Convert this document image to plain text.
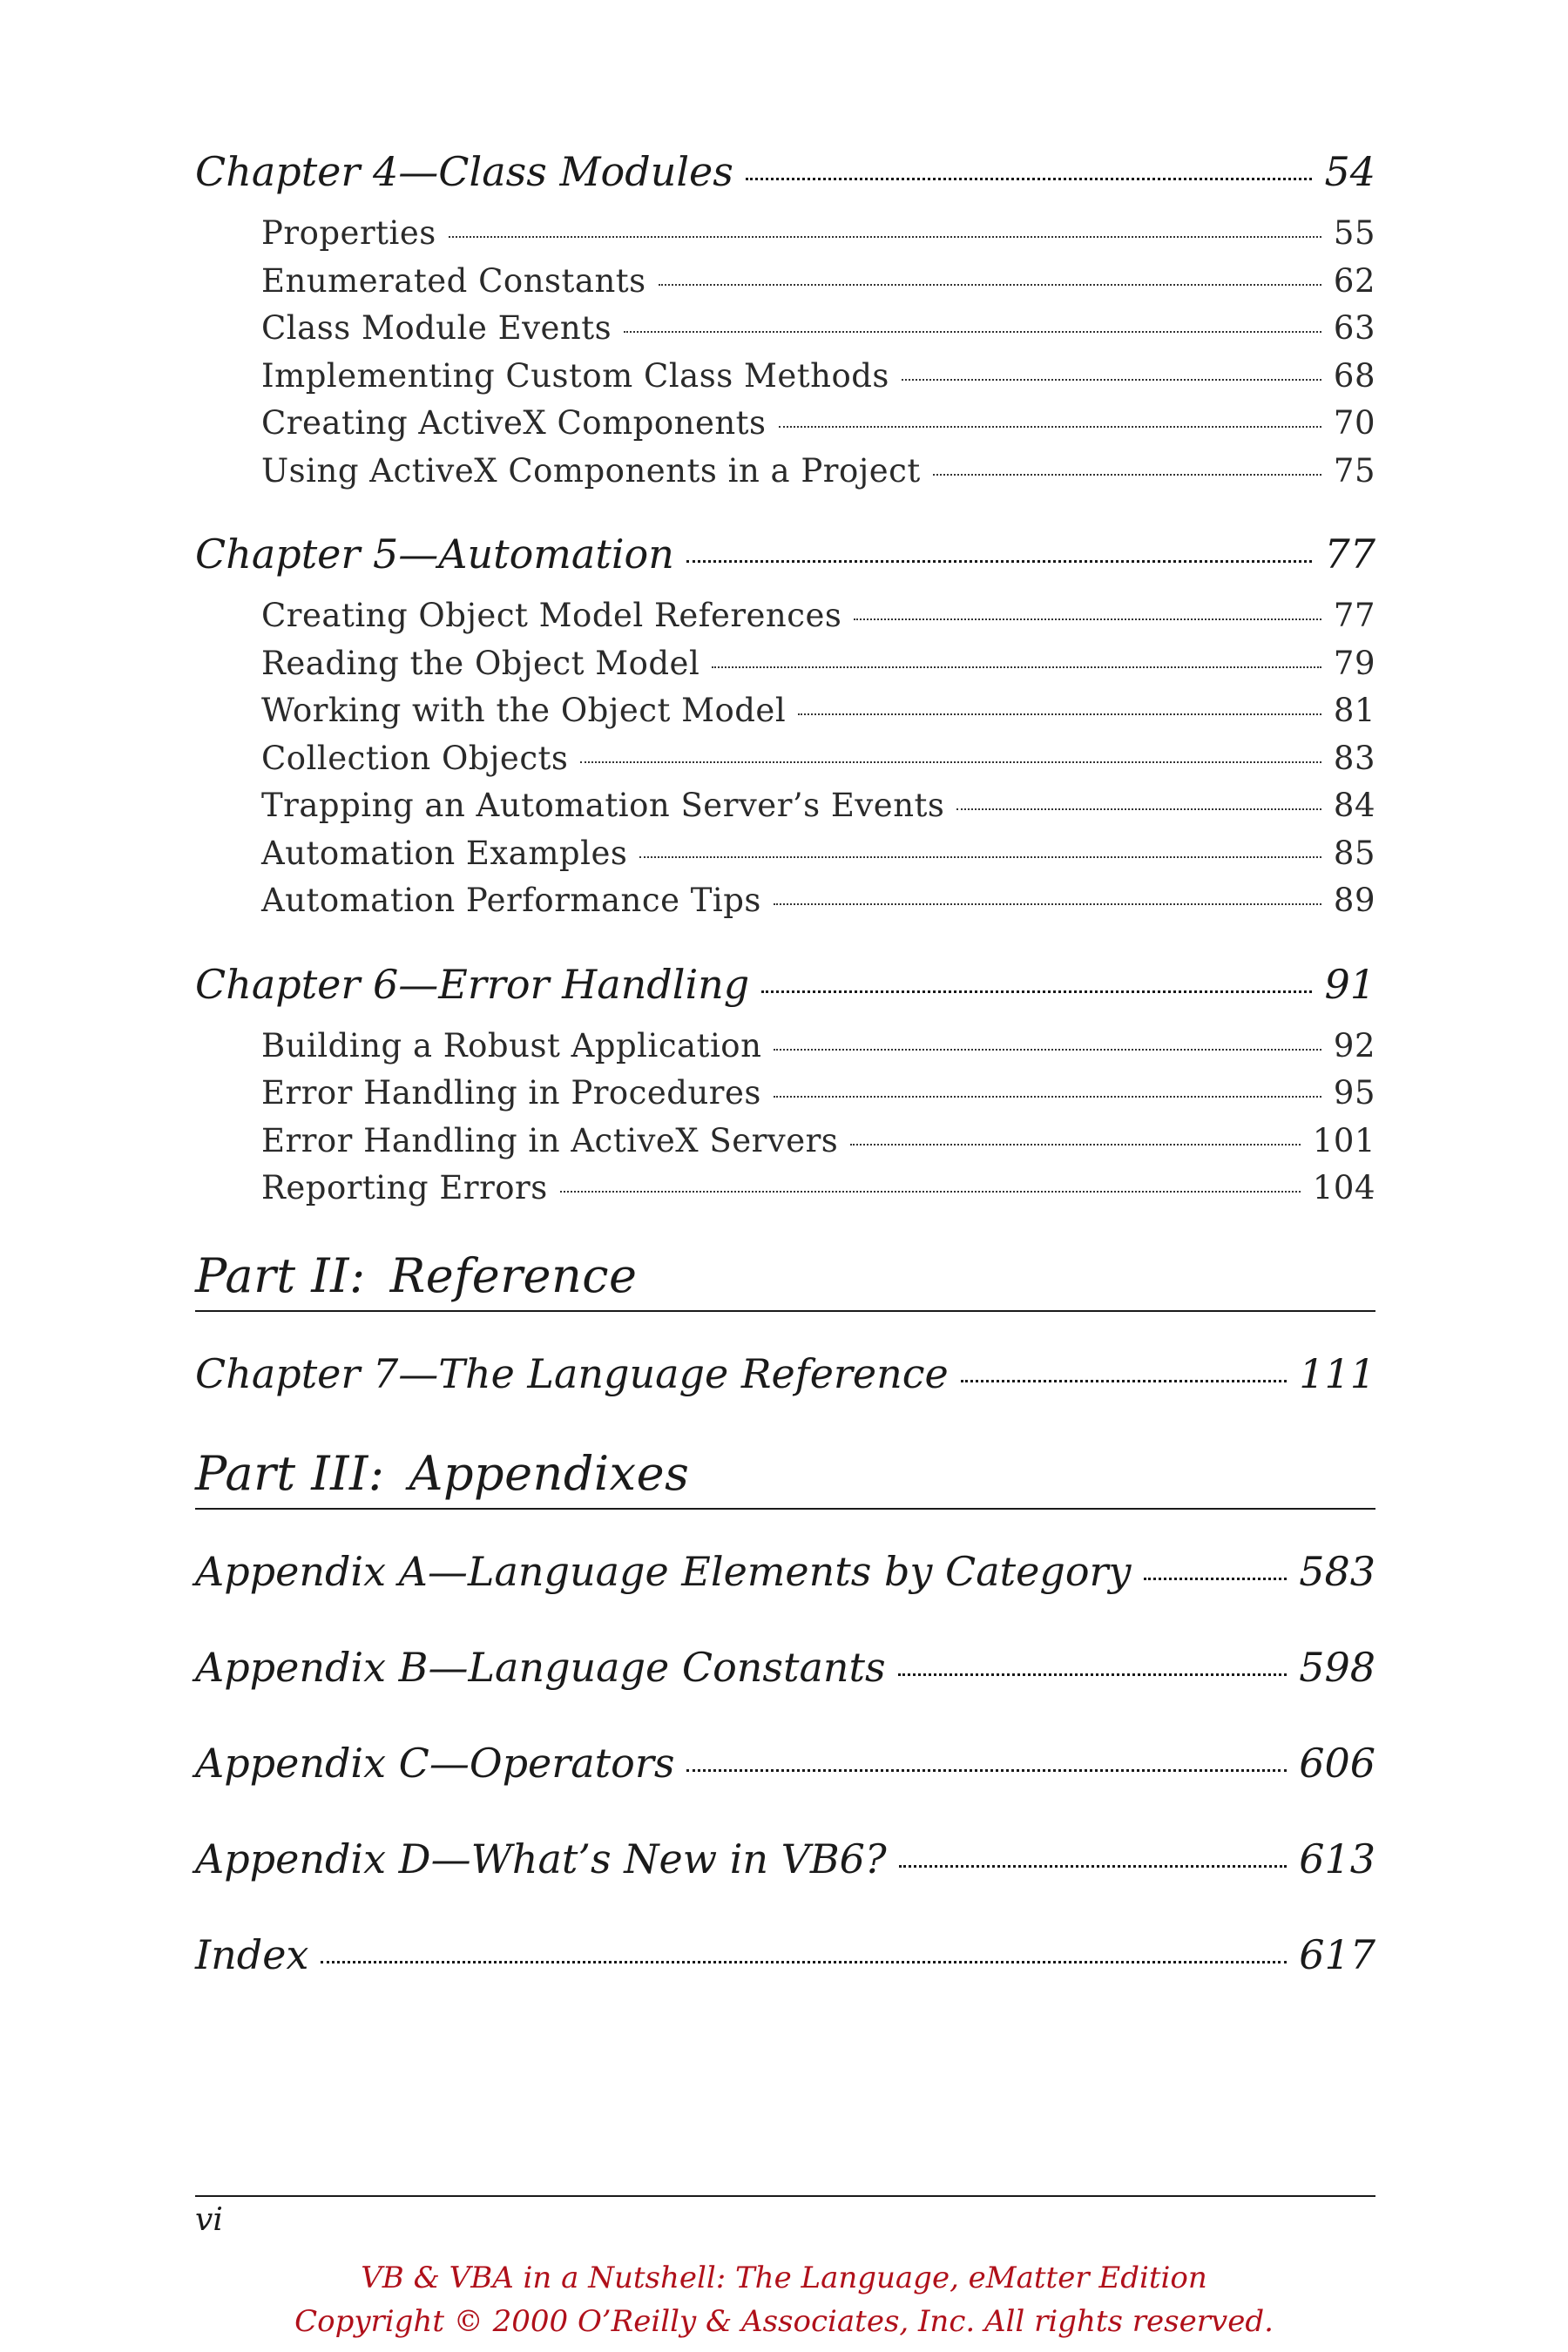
Chapter 4—Class Modules	54
Properties	55
Enumerated Constants	62
Class Module Events	63
Implementing Custom Class Methods	68
Creating ActiveX Components	70
Using ActiveX Components in a Project	75
Chapter 5—Automation	77
Creating Object Model References	77
Reading the Object Model	79
Working with the Object Model	81
Collection Objects	83
Trapping an Automation Server’s Events	84
Automation Examples	85
Automation Performance Tips	89
Chapter 6—Error Handling	91
Building a Robust Application	92
Error Handling in Procedures	95
Error Handling in ActiveX Servers	101
Reporting Errors	104
Part II: Reference
Chapter 7—The Language Reference	111
Part III: Appendixes
Appendix A—Language Elements by Category	583
Appendix B—Language Constants	598
Appendix C—Operators	606
Appendix D—What’s New in VB6?	613
Index	617
vi
VB & VBA in a Nutshell: The Language, eMatter Edition
Copyright © 2000 O’Reilly & Associates, Inc. All rights reserved.
